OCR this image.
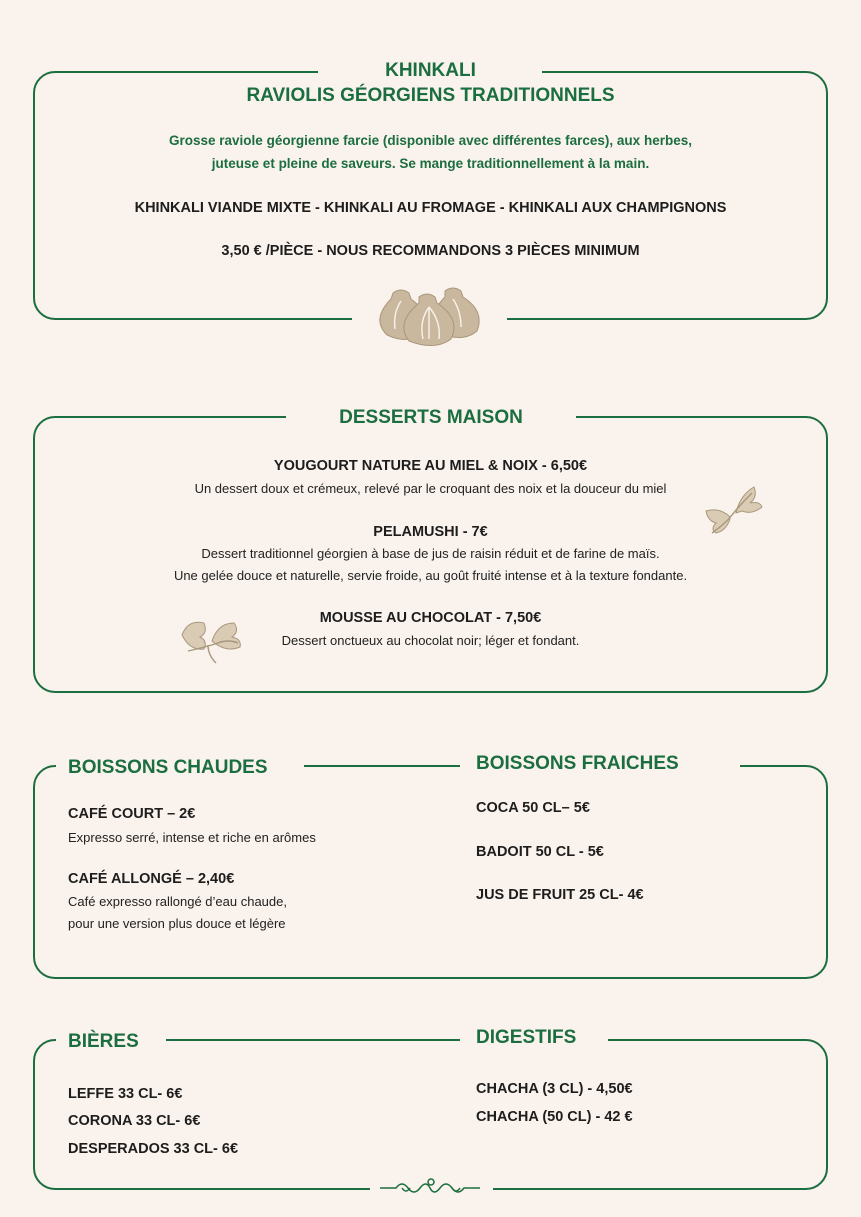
KHINKALI
RAVIOLIS GÉORGIENS TRADITIONNELS
Grosse raviole géorgienne farcie (disponible avec différentes farces), aux herbes,
juteuse et pleine de saveurs. Se mange traditionnellement à la main.
KHINKALI VIANDE MIXTE - KHINKALI AU FROMAGE - KHINKALI AUX CHAMPIGNONS
3,50 € /PIÈCE - NOUS RECOMMANDONS 3 PIÈCES MINIMUM
DESSERTS MAISON
YOUGOURT NATURE AU MIEL & NOIX - 6,50€
Un dessert doux et crémeux, relevé par le croquant des noix et la douceur du miel
PELAMUSHI - 7€
Dessert traditionnel géorgien à base de jus de raisin réduit et de farine de maïs.
Une gelée douce et naturelle, servie froide, au goût fruité intense et à la texture fondante.
MOUSSE AU CHOCOLAT - 7,50€
Dessert onctueux au chocolat noir; léger et fondant.
BOISSONS CHAUDES	BOISSONS FRAICHES
CAFÉ COURT – 2€
Expresso serré, intense et riche en arômes
CAFÉ ALLONGÉ – 2,40€
Café expresso rallongé d’eau chaude,
pour une version plus douce et légère
COCA 50 CL– 5€
BADOIT 50 CL - 5€
JUS DE FRUIT 25 CL- 4€
BIÈRES	DIGESTIFS
LEFFE 33 CL- 6€
CORONA 33 CL- 6€
DESPERADOS 33 CL- 6€
CHACHA (3 CL) - 4,50€
CHACHA (50 CL) - 42 €
